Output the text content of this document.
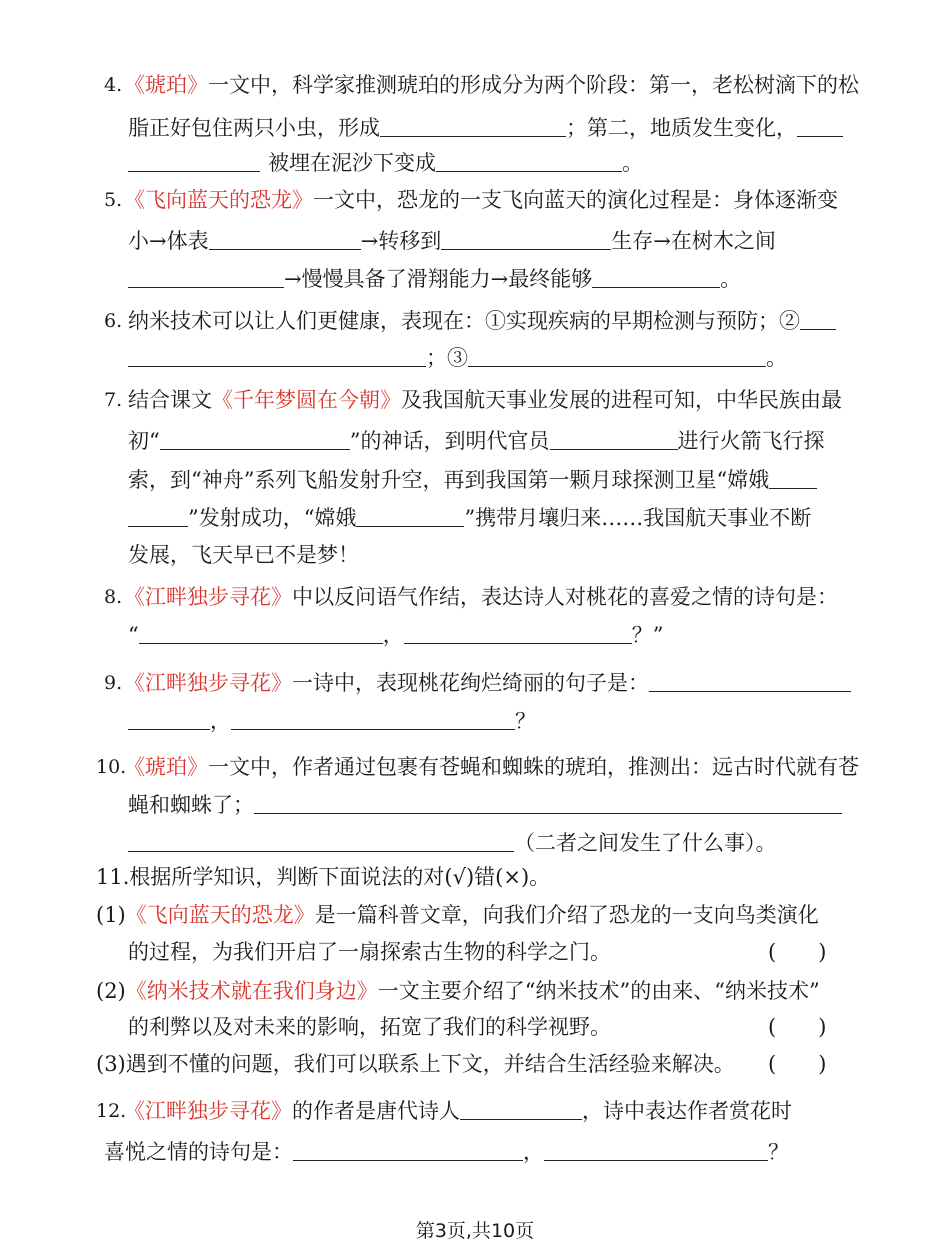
4. 《琥珀》一文中，科学家推测琥珀的形成分为两个阶段：第一，老松树滴下的松
脂正好包住两只小虫，形成	；第二，地质发生变化，
被埋在泥沙下变成	。
5. 《飞向蓝天的恐龙》一文中，恐龙的一支飞向蓝天的演化过程是：身体逐渐变
小→体表	→转移到	生存→在树木之间
→慢慢具备了滑翔能力→最终能够	。
6. 纳米技术可以让人们更健康，表现在：①实现疾病的早期检测与预防；②
；③	。
7. 结合课文《千年梦圆在今朝》及我国航天事业发展的进程可知，中华民族由最
初“	”的神话，到明代官员	进行火箭飞行探
索，到“神舟”系列飞船发射升空，再到我国第一颗月球探测卫星“嫦娥
”发射成功，“嫦娥	”携带月壤归来……我国航天事业不断
发展，飞天早已不是梦！
8. 《江畔独步寻花》中以反问语气作结，表达诗人对桃花的喜爱之情的诗句是：
“	，	？”
9. 《江畔独步寻花》一诗中，表现桃花绚烂绮丽的句子是：
，	？
10.
《琥珀》一文中，作者通过包裹有苍蝇和蜘蛛的琥珀，推测出：远古时代就有苍
蝇和蜘蛛了；
（二者之间发生了什么事）。
11.根据所学知识，判断下面说法的对(√)错(×)。
(1)《飞向蓝天的恐龙》是一篇科普文章，向我们介绍了恐龙的一支向鸟类演化
的过程，为我们开启了一扇探索古生物的科学之门。	(　　)
(2)《纳米技术就在我们身边》一文主要介绍了“纳米技术”的由来、“纳米技术”
的利弊以及对未来的影响，拓宽了我们的科学视野。	(　　)
(3)遇到不懂的问题，我们可以联系上下文，并结合生活经验来解决。 (　　)
12.
《江畔独步寻花》的作者是唐代诗人	，诗中表达作者赏花时
喜悦之情的诗句是：	，	？
第3页,共10页
